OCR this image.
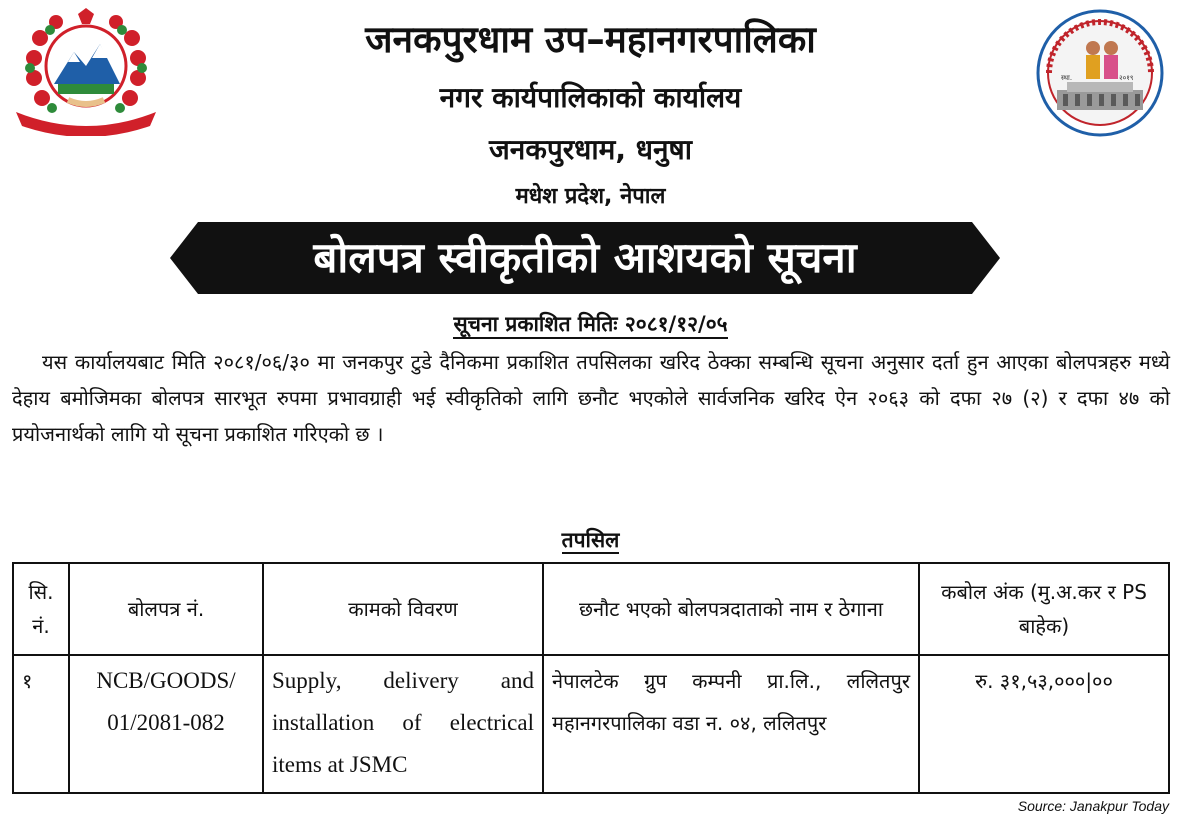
स्था.	२०१९
जनकपुरधाम उप–महानगरपालिका
नगर कार्यपालिकाको कार्यालय
जनकपुरधाम, धनुषा
मधेश प्रदेश, नेपाल
बोलपत्र स्वीकृतीको आशयको सूचना
सूचना प्रकाशित मितिः २०८१/१२/०५

यस कार्यालयबाट मिति २०८१/०६/३० मा जनकपुर टुडे दैनिकमा प्रकाशित तपसिलका खरिद ठेक्का सम्बन्धि सूचना अनुसार दर्ता हुन आएका बोलपत्रहरु मध्ये देहाय बमोजिमका बोलपत्र सारभूत रुपमा प्रभावग्राही भई स्वीकृतिको लागि छनौट भएकोले सार्वजनिक खरिद ऐन २०६३ को दफा २७ (२) र दफा ४७ को प्रयोजनार्थको लागि यो सूचना प्रकाशित गरिएको छ ।

तपसिल
सि. नं.	बोलपत्र नं.	कामको विवरण	छनौट भएको बोलपत्रदाताको नाम र ठेगाना	कबोल अंक (मु.अ.कर र PS बाहेक)
१	NCB/GOODS/ 01/2081-082	Supply, delivery and installation of electrical items at JSMC	नेपालटेक ग्रुप कम्पनी प्रा.लि., ललितपुर महानगरपालिका वडा न. ०४, ललितपुर	रु. ३१,५३,०००|००
Source: Janakpur Today
